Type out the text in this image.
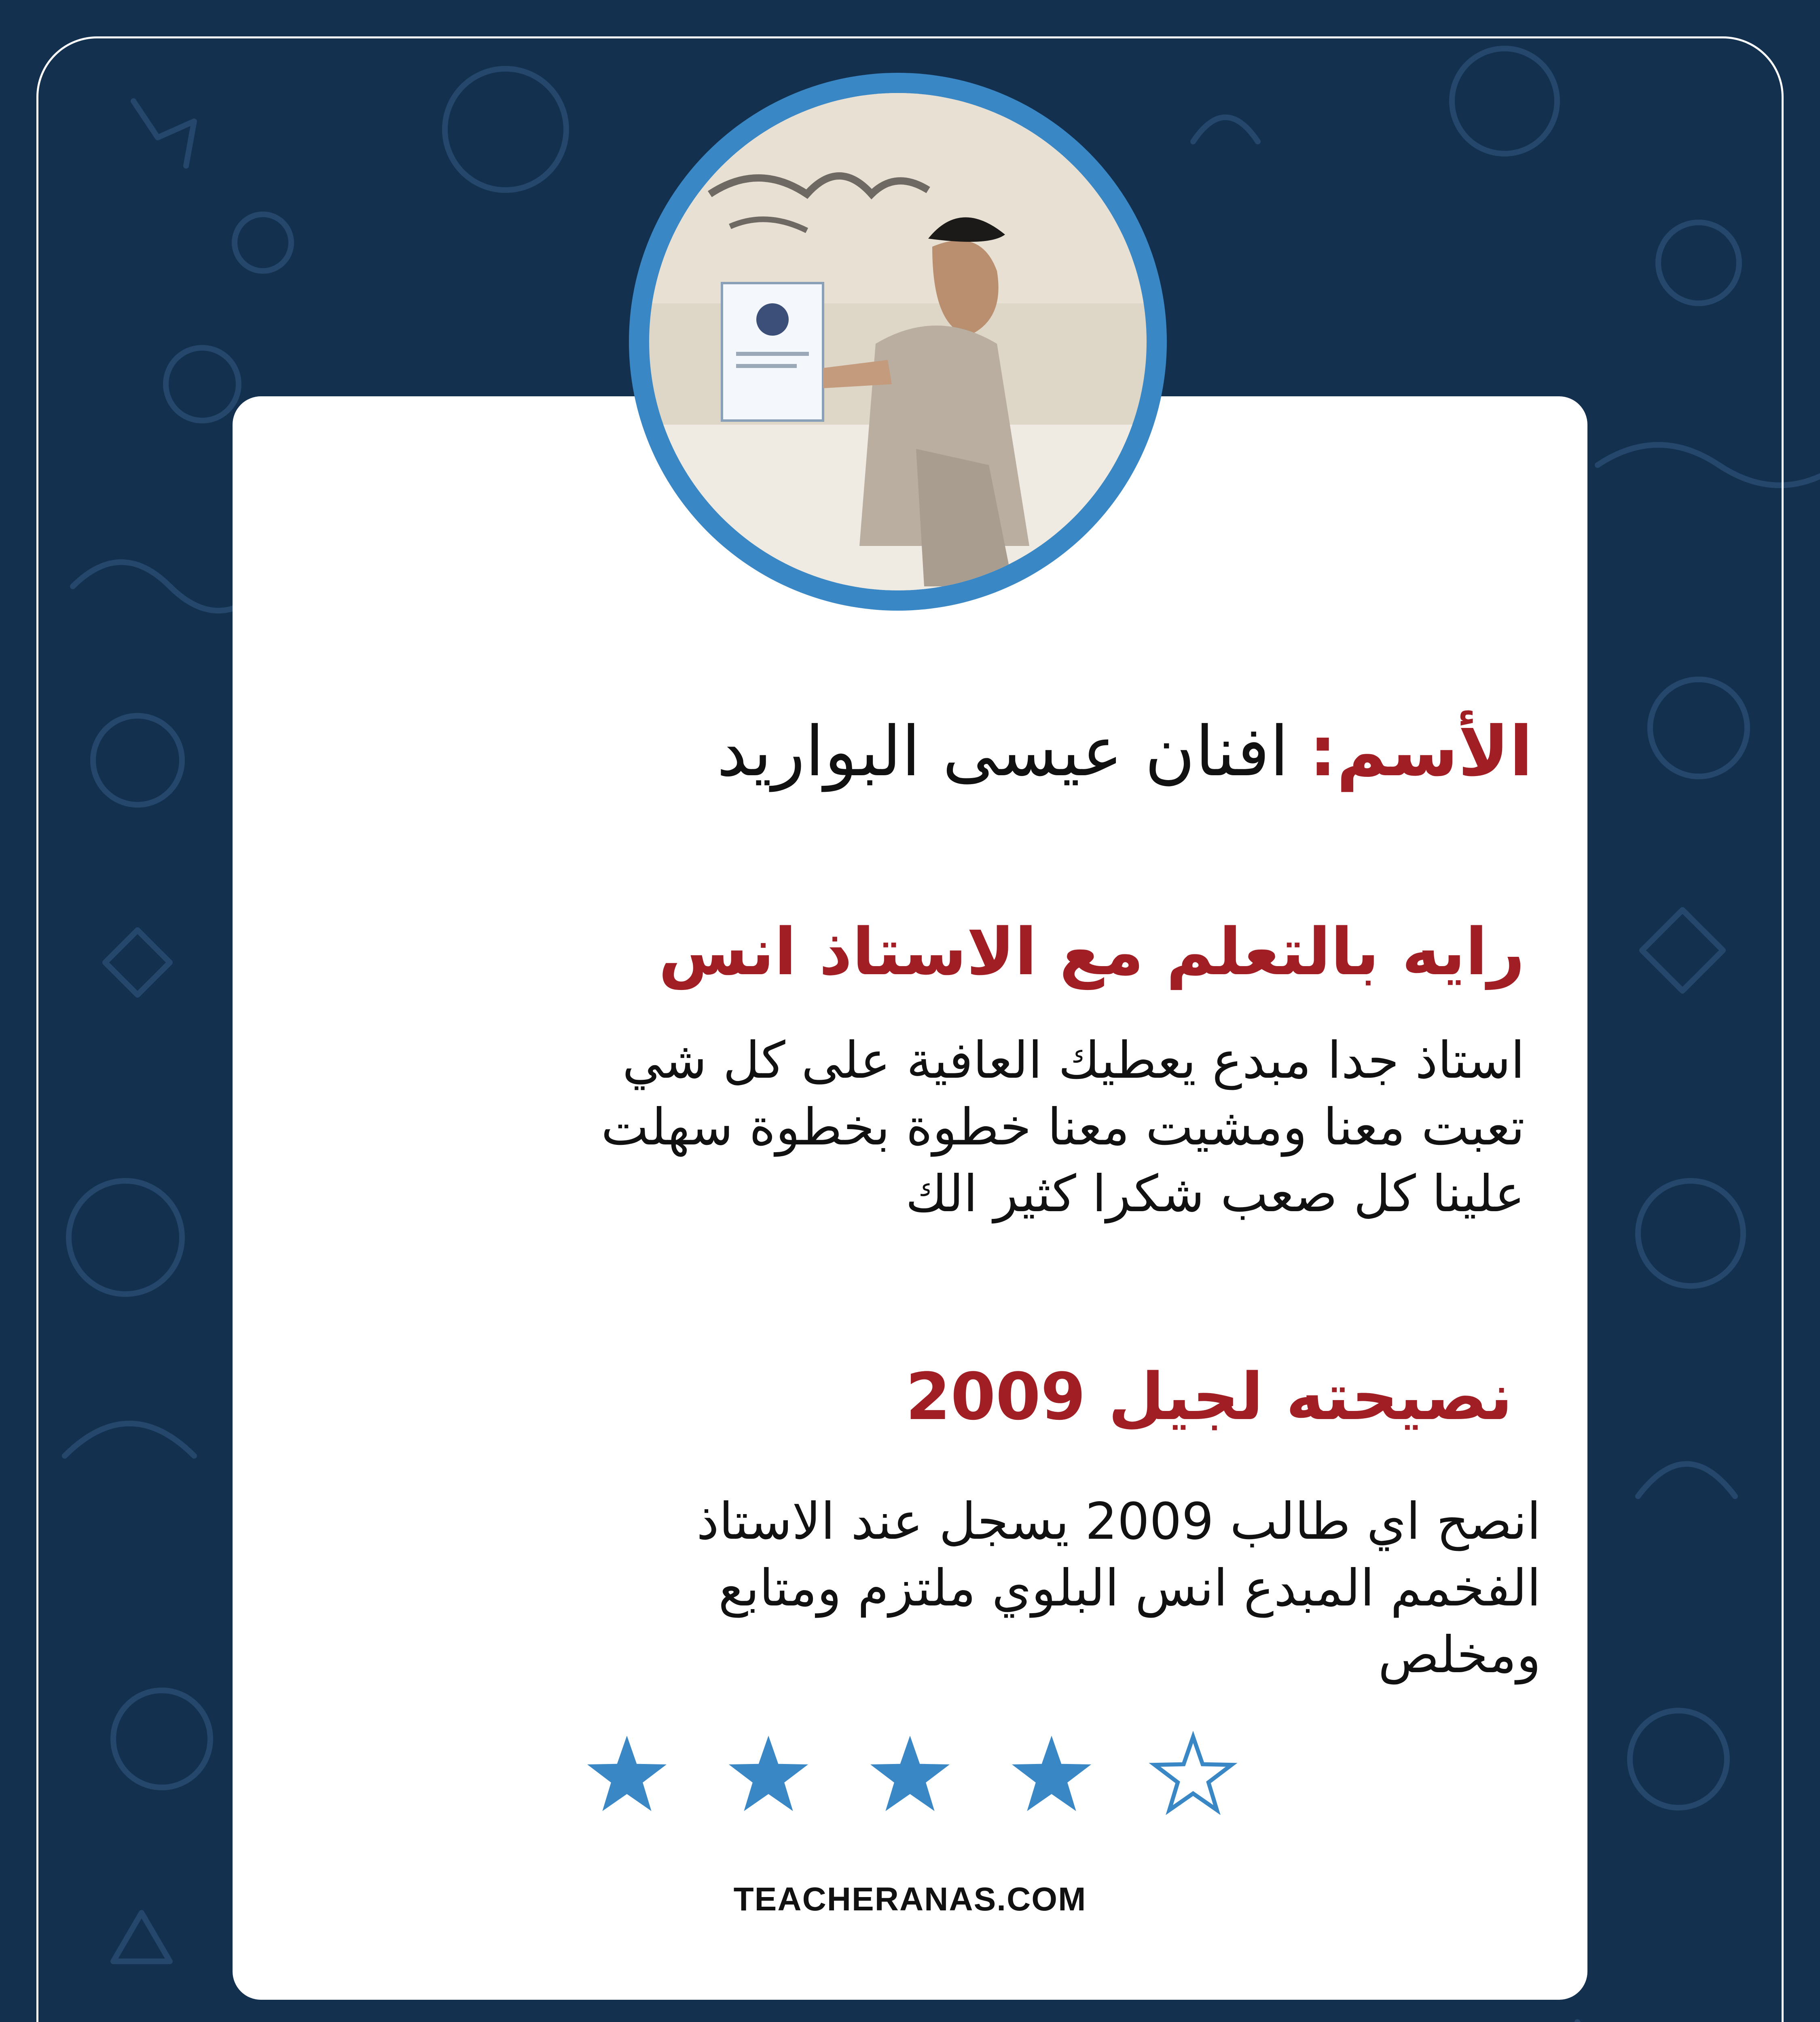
الأسم:افنان عيسى البواريد
رايه بالتعلم مع الاستاذ انس
استاذ جدا مبدع يعطيك العافية على كل شي
تعبت معنا ومشيت معنا خطوة بخطوة سهلت
علينا كل صعب شكرا كثير الك
نصيحته لجيل 2009
انصح اي طالب 2009 يسجل عند الاستاذ
الفخمم المبدع انس البلوي ملتزم ومتابع
ومخلص
TEACHERANAS.COM
